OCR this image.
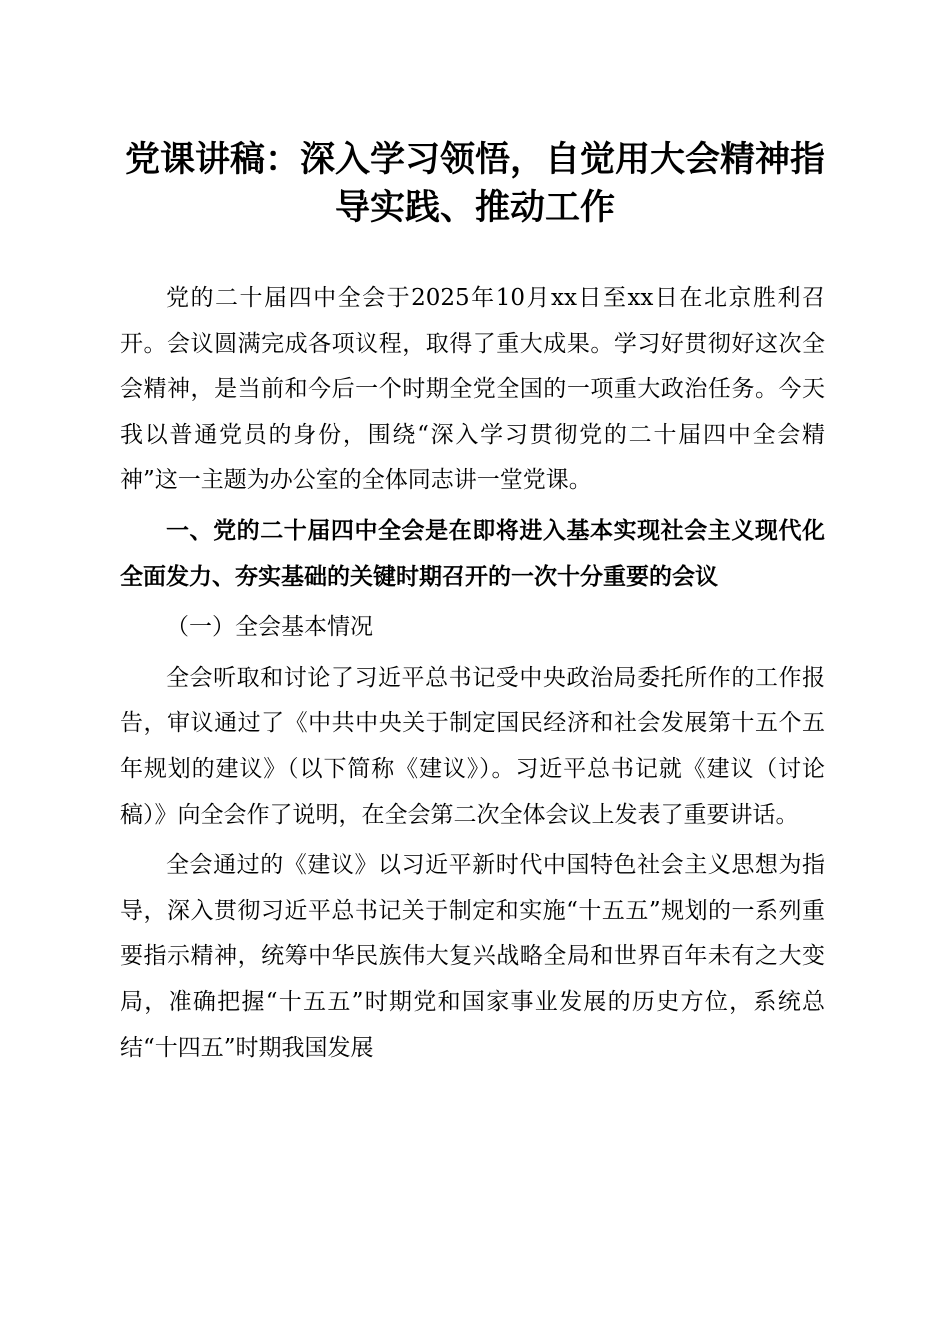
党课讲稿：深入学习领悟，自觉用大会精神指导实践、推动工作

党的二十届四中全会于2025年10月xx日至xx日在北京胜利召开。会议圆满完成各项议程，取得了重大成果。学习好贯彻好这次全会精神，是当前和今后一个时期全党全国的一项重大政治任务。今天我以普通党员的身份，围绕“深入学习贯彻党的二十届四中全会精神”这一主题为办公室的全体同志讲一堂党课。

一、党的二十届四中全会是在即将进入基本实现社会主义现代化全面发力、夯实基础的关键时期召开的一次十分重要的会议

（一）全会基本情况

全会听取和讨论了习近平总书记受中央政治局委托所作的工作报告，审议通过了《中共中央关于制定国民经济和社会发展第十五个五年规划的建议》（以下简称《建议》）。习近平总书记就《建议（讨论稿）》向全会作了说明，在全会第二次全体会议上发表了重要讲话。

全会通过的《建议》以习近平新时代中国特色社会主义思想为指导，深入贯彻习近平总书记关于制定和实施“十五五”规划的一系列重要指示精神，统筹中华民族伟大复兴战略全局和世界百年未有之大变局，准确把握“十五五”时期党和国家事业发展的历史方位，系统总结“十四五”时期我国发展
